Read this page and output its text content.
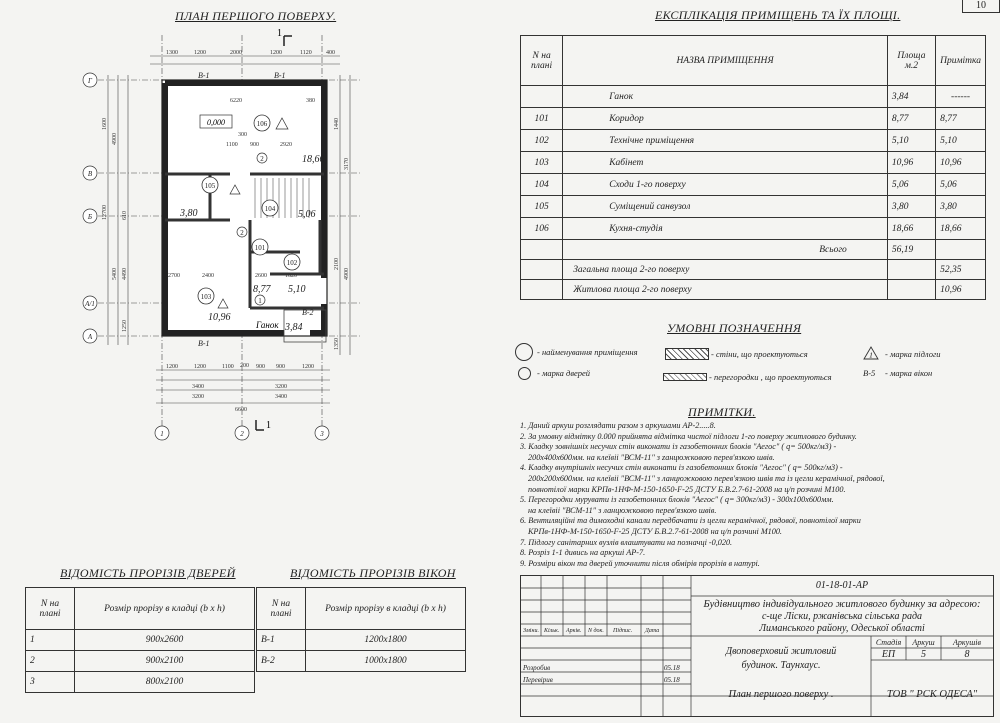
10
ПЛАН ПЕРШОГО ПОВЕРХУ.
106
105
104
101
102
103
2
2
1
0,000
18,66
3,80	5,06
8,77 5,10
10,96
3,84
Ганок
В-1	В-1
В-1
В-2
1300	1200	2000	1200	1120 400
6220	380
2920
300
1100 900
2400
2700	1820
2600
200
1200	1200	1100	900 900	1200
3400	3200
3200	3400
6600
1600
4900
12700 610
5400 4490
1250
1440
3170
2100
4900
1350
1
1
Г
В
Б
А/1
А
1	2	3
ЕКСПЛІКАЦІЯ ПРИМІЩЕНЬ ТА ЇХ ПЛОЩІ.
N на плані	НАЗВА ПРИМІЩЕННЯ	Площа м.2	Примітка
	Ганок	3,84	------
101	Коридор	8,77	8,77
102	Технічне приміщення	5,10	5,10
103	Кабінет	10,96	10,96
104	Сходи 1-го поверху	5,06	5,06
105	Суміщений санвузол	3,80	3,80
106	Кухня-студія	18,66	18,66
	Всього	56,19	
	Загальна площа 2-го поверху		52,35
	Житлова площа 2-го поверху		10,96
УМОВНІ ПОЗНАЧЕННЯ
- найменування приміщення
- марка дверей
- стіни, що проектуються
- перегородки , що проектуються
1 - марка підлоги
В-5 - марка вікон
ПРИМІТКИ.
1. Даний аркуш розглядати разом з аркушами АР-2.....8.
2. За умовну відмітку 0.000 прийнята відмітка чистої підлоги 1-го поверху житлового будинку.
3. Кладку зовнішніх несучих стін виконати із газобетонних блоків "Аегос" ( q= 500кг/м3) -
200х400х600мм. на клеївіі "ВСМ-11" з zaнцюжковою перев'язкою швів.
4. Кладку внутрішніх несучих стін виконати із газобетонних блоків "Аегос" ( q= 500кг/м3) -
200х200х600мм. на клеївіі "ВСМ-11" з ланцюжковою перев'язкою швів та із цегли керамічної, рядової,
повнотілої марки КРПв-1НФ-М-150-1650-F-25 ДСТУ Б.В.2.7-61-2008 на ц/п розчині М100.
5. Перегородки мурувати із газобетонних блоків "Аегос" ( q= 300кг/м3) - 300х100х600мм.
на клеївіі "ВСМ-11" з ланцюжковою перев'язкою швів.
6. Вентиляційні та димоходні канали передбачати із цегли керамічної, рядової, повнотілої марки
КРПв-1НФ-М-150-1650-F-25 ДСТУ Б.В.2.7-61-2008 на ц/п розчині М100.
7. Підлогу санітарних вузлів влаштувати на позначці -0,020.
8. Розріз 1-1 дивись на аркуші АР-7.
9. Розміри вікон та дверей уточнити після обмірів прорізів в натурі.
ВІДОМІСТЬ ПРОРІЗІВ ДВЕРЕЙ
N на плані	Розмір прорізу в кладці (b x h)
1	900х2600
2	900х2100
3	800х2100
ВІДОМІСТЬ ПРОРІЗІВ ВІКОН
N на плані	Розмір прорізу в кладці (b x h)
В-1	1200х1800
В-2	1000х1800
Зміни. Кільк. Арків. N док. Підпис. Дата
Розробив
Перевірив
05.18
05.18
01-18-01-АР
Будівництво індивідуального житлового будинку за адресою:
с-ще Ліски, ржанівська сільська рада
Лиманського району, Одеської області
Двоповерховий житловий
будинок. Таунхаус.
Стадія	Аркуш	Аркушів
ЕП	5	8
План першого поверху .	ТОВ " РСК ОДЕСА"
